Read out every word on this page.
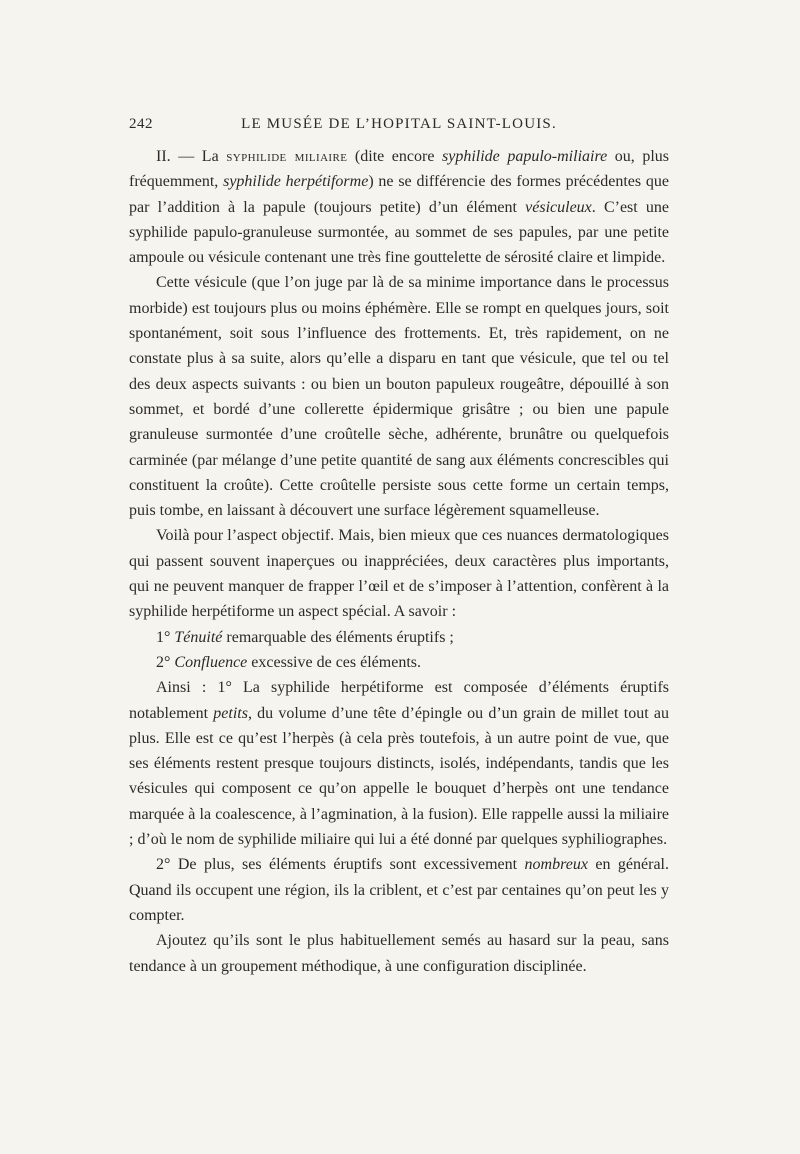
242	LE MUSÉE DE L’HOPITAL SAINT-LOUIS.

II. — La syphilide miliaire (dite encore syphilide papulo-miliaire ou, plus fréquemment, syphilide herpétiforme) ne se différencie des formes précédentes que par l’addition à la papule (toujours petite) d’un élément vésiculeux. C’est une syphilide papulo-granuleuse surmontée, au sommet de ses papules, par une petite ampoule ou vésicule contenant une très fine gouttelette de sérosité claire et limpide.

Cette vésicule (que l’on juge par là de sa minime importance dans le processus morbide) est toujours plus ou moins éphémère. Elle se rompt en quelques jours, soit spontanément, soit sous l’influence des frottements. Et, très rapidement, on ne constate plus à sa suite, alors qu’elle a disparu en tant que vésicule, que tel ou tel des deux aspects suivants : ou bien un bouton papuleux rougeâtre, dépouillé à son sommet, et bordé d’une collerette épidermique grisâtre ; ou bien une papule granuleuse surmontée d’une croûtelle sèche, adhérente, brunâtre ou quelquefois carminée (par mélange d’une petite quantité de sang aux éléments concrescibles qui constituent la croûte). Cette croûtelle persiste sous cette forme un certain temps, puis tombe, en laissant à découvert une surface légèrement squamelleuse.

Voilà pour l’aspect objectif. Mais, bien mieux que ces nuances dermatologiques qui passent souvent inaperçues ou inappréciées, deux caractères plus importants, qui ne peuvent manquer de frapper l’œil et de s’imposer à l’attention, confèrent à la syphilide herpétiforme un aspect spécial. A savoir :

1° Ténuité remarquable des éléments éruptifs ;

2° Confluence excessive de ces éléments.

Ainsi : 1° La syphilide herpétiforme est composée d’éléments éruptifs notablement petits, du volume d’une tête d’épingle ou d’un grain de millet tout au plus. Elle est ce qu’est l’herpès (à cela près toutefois, à un autre point de vue, que ses éléments restent presque toujours distincts, isolés, indépendants, tandis que les vésicules qui composent ce qu’on appelle le bouquet d’herpès ont une tendance marquée à la coalescence, à l’agmination, à la fusion). Elle rappelle aussi la miliaire ; d’où le nom de syphilide miliaire qui lui a été donné par quelques syphiliographes.

2° De plus, ses éléments éruptifs sont excessivement nombreux en général. Quand ils occupent une région, ils la criblent, et c’est par centaines qu’on peut les y compter.

Ajoutez qu’ils sont le plus habituellement semés au hasard sur la peau, sans tendance à un groupement méthodique, à une configuration disciplinée.
